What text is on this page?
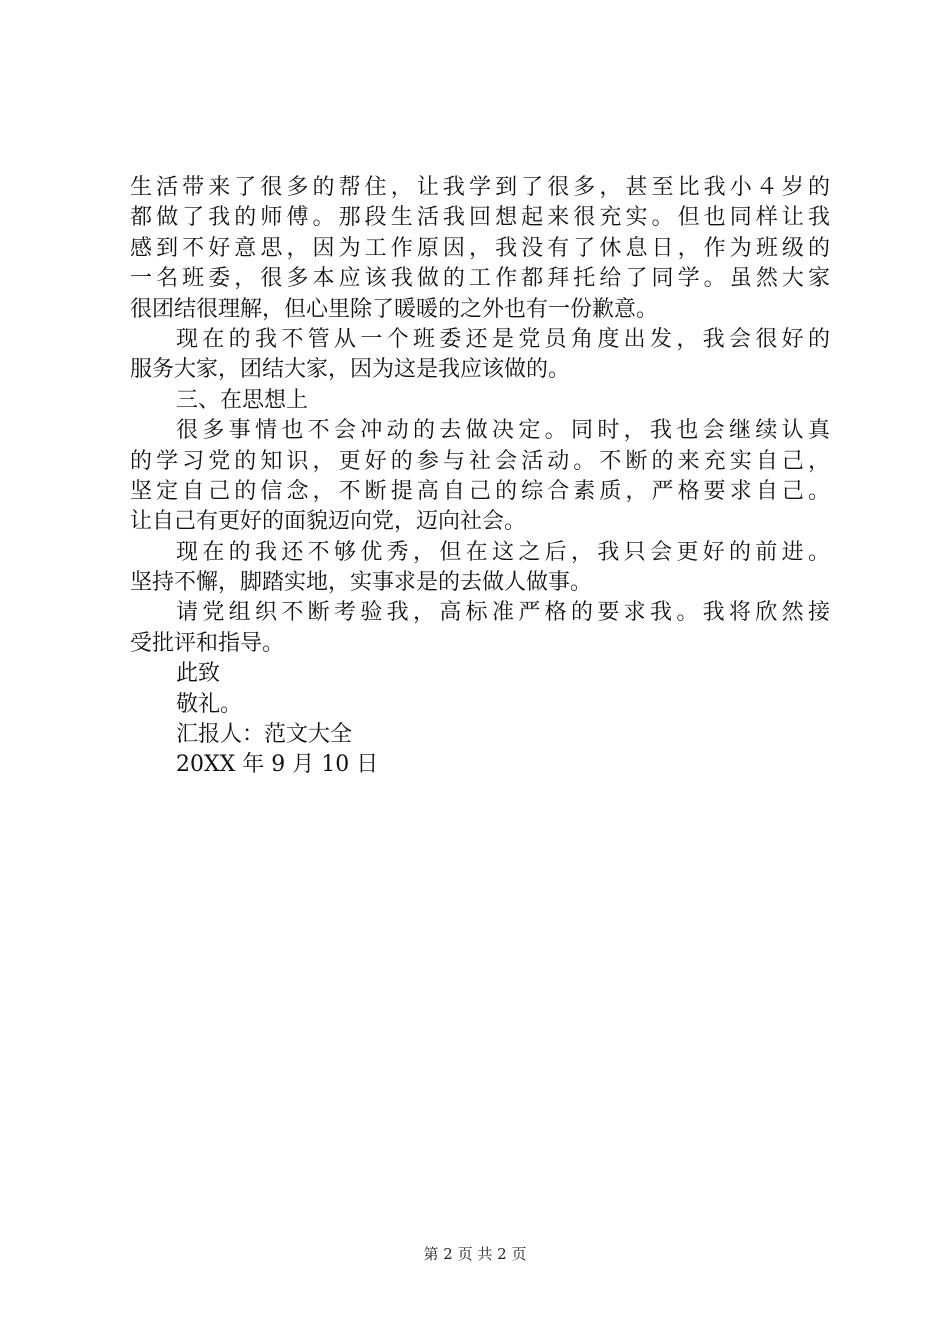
生活带来了很多的帮住，让我学到了很多，甚至比我小４岁的
都做了我的师傅。那段生活我回想起来很充实。但也同样让我
感到不好意思，因为工作原因，我没有了休息日，作为班级的
一名班委，很多本应该我做的工作都拜托给了同学。虽然大家
很团结很理解，但心里除了暖暖的之外也有一份歉意。
现在的我不管从一个班委还是党员角度出发，我会很好的
服务大家，团结大家，因为这是我应该做的。
三、在思想上
很多事情也不会冲动的去做决定。同时，我也会继续认真
的学习党的知识，更好的参与社会活动。不断的来充实自己，
坚定自己的信念，不断提高自己的综合素质，严格要求自己。
让自己有更好的面貌迈向党，迈向社会。
现在的我还不够优秀，但在这之后，我只会更好的前进。
坚持不懈，脚踏实地，实事求是的去做人做事。
请党组织不断考验我，高标准严格的要求我。我将欣然接
受批评和指导。
此致
敬礼。
汇报人：范文大全
20XX 年 9 月 10 日
第 2 页 共 2 页
